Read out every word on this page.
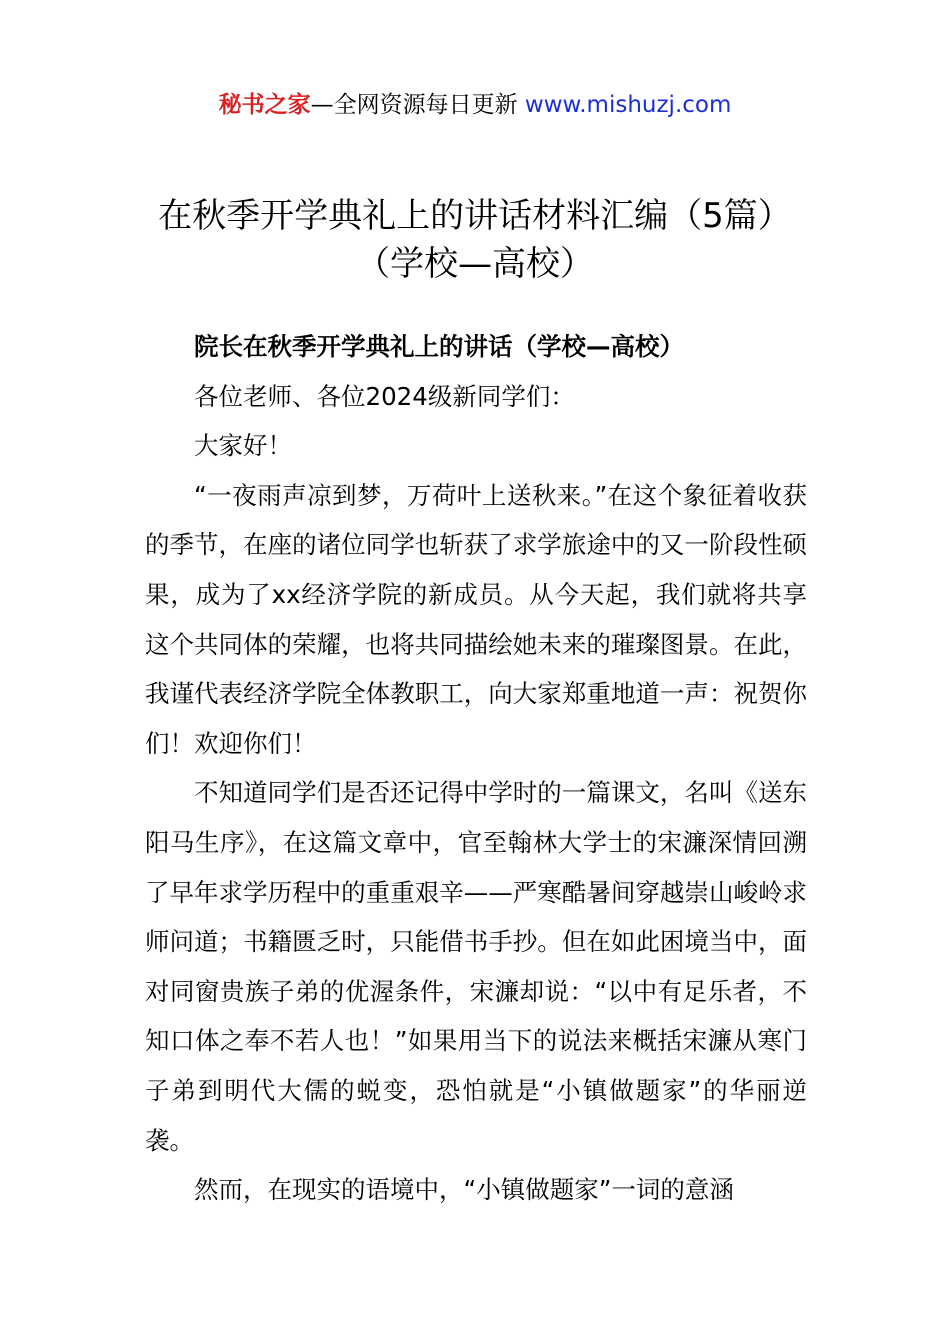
秘书之家—全网资源每日更新 www.mishuzj.com
在秋季开学典礼上的讲话材料汇编（5篇）
（学校—高校）

院长在秋季开学典礼上的讲话（学校—高校）

各位老师、各位2024级新同学们：

大家好！

“一夜雨声凉到梦，万荷叶上送秋来。”在这个象征着收获的季节，在座的诸位同学也斩获了求学旅途中的又一阶段性硕果，成为了xx经济学院的新成员。从今天起，我们就将共享这个共同体的荣耀，也将共同描绘她未来的璀璨图景。在此，我谨代表经济学院全体教职工，向大家郑重地道一声：祝贺你们！欢迎你们！

不知道同学们是否还记得中学时的一篇课文，名叫《送东阳马生序》，在这篇文章中，官至翰林大学士的宋濂深情回溯了早年求学历程中的重重艰辛——严寒酷暑间穿越崇山峻岭求师问道；书籍匮乏时，只能借书手抄。但在如此困境当中，面对同窗贵族子弟的优渥条件，宋濂却说：“以中有足乐者，不知口体之奉不若人也！”如果用当下的说法来概括宋濂从寒门子弟到明代大儒的蜕变，恐怕就是“小镇做题家”的华丽逆袭。

然而，在现实的语境中，“小镇做题家”一词的意涵
